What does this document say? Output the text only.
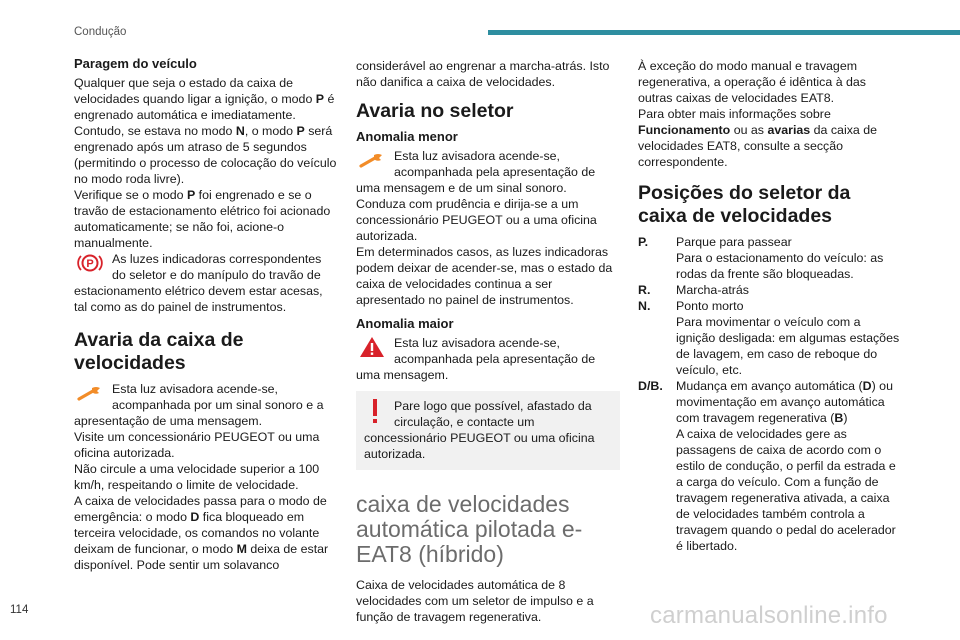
Condução

Paragem do veículo

Qualquer que seja o estado da caixa de velocidades quando ligar a ignição, o modo P é engrenado automática e imediatamente.

Contudo, se estava no modo N, o modo P será engrenado após um atraso de 5 segundos (permitindo o processo de colocação do veículo no modo roda livre).

Verifique se o modo P foi engrenado e se o travão de estacionamento elétrico foi acionado automaticamente; se não foi, acione-o manualmente.

P	As luzes indicadoras correspondentes do seletor e do manípulo do travão de estacionamento elétrico devem estar acesas, tal como as do painel de instrumentos.

Avaria da caixa de velocidades

Esta luz avisadora acende-se, acompanhada por um sinal sonoro e a apresentação de uma mensagem.

Visite um concessionário PEUGEOT ou uma oficina autorizada.

Não circule a uma velocidade superior a 100 km/h, respeitando o limite de velocidade.

A caixa de velocidades passa para o modo de emergência: o modo D fica bloqueado em terceira velocidade, os comandos no volante deixam de funcionar, o modo M deixa de estar disponível. Pode sentir um solavanco

considerável ao engrenar a marcha-atrás. Isto não danifica a caixa de velocidades.

Avaria no seletor

Anomalia menor

Esta luz avisadora acende-se, acompanhada pela apresentação de uma mensagem e de um sinal sonoro.

Conduza com prudência e dirija-se a um concessionário PEUGEOT ou a uma oficina autorizada.

Em determinados casos, as luzes indicadoras podem deixar de acender-se, mas o estado da caixa de velocidades continua a ser apresentado no painel de instrumentos.

Anomalia maior

Esta luz avisadora acende-se, acompanhada pela apresentação de uma mensagem.

Pare logo que possível, afastado da circulação, e contacte um concessionário PEUGEOT ou uma oficina autorizada.

caixa de velocidades automática pilotada e-EAT8 (híbrido)

Caixa de velocidades automática de 8 velocidades com um seletor de impulso e a função de travagem regenerativa.

À exceção do modo manual e travagem regenerativa, a operação é idêntica à das outras caixas de velocidades EAT8.

Para obter mais informações sobre Funcionamento ou as avarias da caixa de velocidades EAT8, consulte a secção correspondente.

Posições do seletor da caixa de velocidades

P.	Parque para passear

Para o estacionamento do veículo: as rodas da frente são bloqueadas.

R.	Marcha-atrás

N.	Ponto morto

Para movimentar o veículo com a ignição desligada: em algumas estações de lavagem, em caso de reboque do veículo, etc.

D/B.	Mudança em avanço automática (D) ou movimentação em avanço automática com travagem regenerativa (B)

A caixa de velocidades gere as passagens de caixa de acordo com o estilo de condução, o perfil da estrada e a carga do veículo. Com a função de travagem regenerativa ativada, a caixa de velocidades também controla a travagem quando o pedal do acelerador é libertado.

114	carmanualsonline.info
